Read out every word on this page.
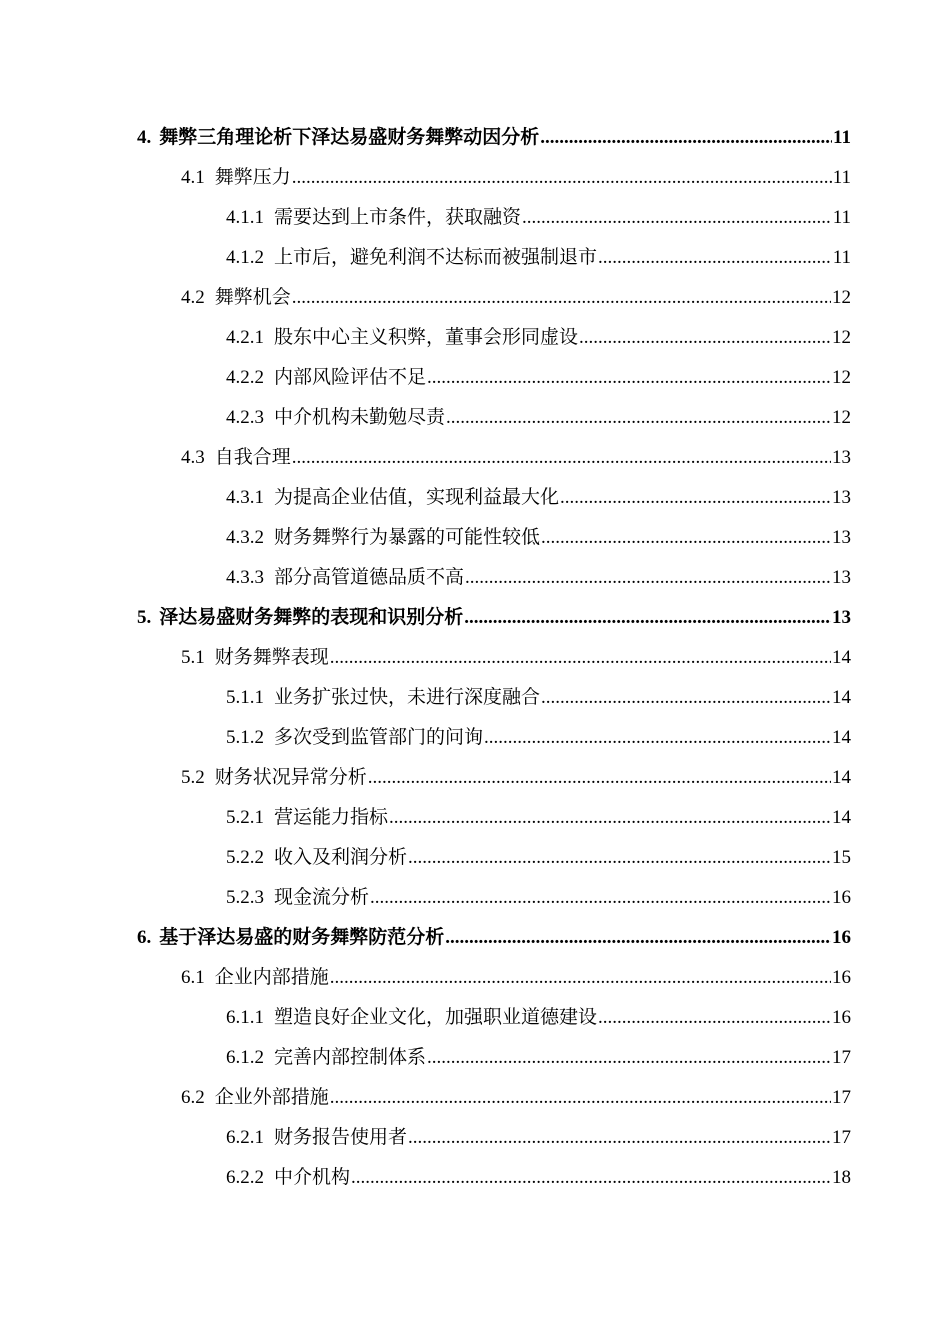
4. 舞弊三角理论析下泽达易盛财务舞弊动因分析 .....	11
4.1 舞弊压力 .....	11
4.1.1 需要达到上市条件，获取融资 .....	11
4.1.2 上市后，避免利润不达标而被强制退市 .....	11
4.2 舞弊机会 .....	12
4.2.1 股东中心主义积弊，董事会形同虚设 .....	12
4.2.2 内部风险评估不足 .....	12
4.2.3 中介机构未勤勉尽责 .....	12
4.3 自我合理 .....	13
4.3.1 为提高企业估值，实现利益最大化 .....	13
4.3.2 财务舞弊行为暴露的可能性较低 .....	13
4.3.3 部分高管道德品质不高 .....	13
5. 泽达易盛财务舞弊的表现和识别分析 .....	13
5.1 财务舞弊表现 .....	14
5.1.1 业务扩张过快，未进行深度融合 .....	14
5.1.2 多次受到监管部门的问询 .....	14
5.2 财务状况异常分析 .....	14
5.2.1 营运能力指标 .....	14
5.2.2 收入及利润分析 .....	15
5.2.3 现金流分析 .....	16
6. 基于泽达易盛的财务舞弊防范分析 .....	16
6.1 企业内部措施 .....	16
6.1.1 塑造良好企业文化，加强职业道德建设 .....	16
6.1.2 完善内部控制体系 .....	17
6.2 企业外部措施 .....	17
6.2.1 财务报告使用者 .....	17
6.2.2 中介机构 .....	18
